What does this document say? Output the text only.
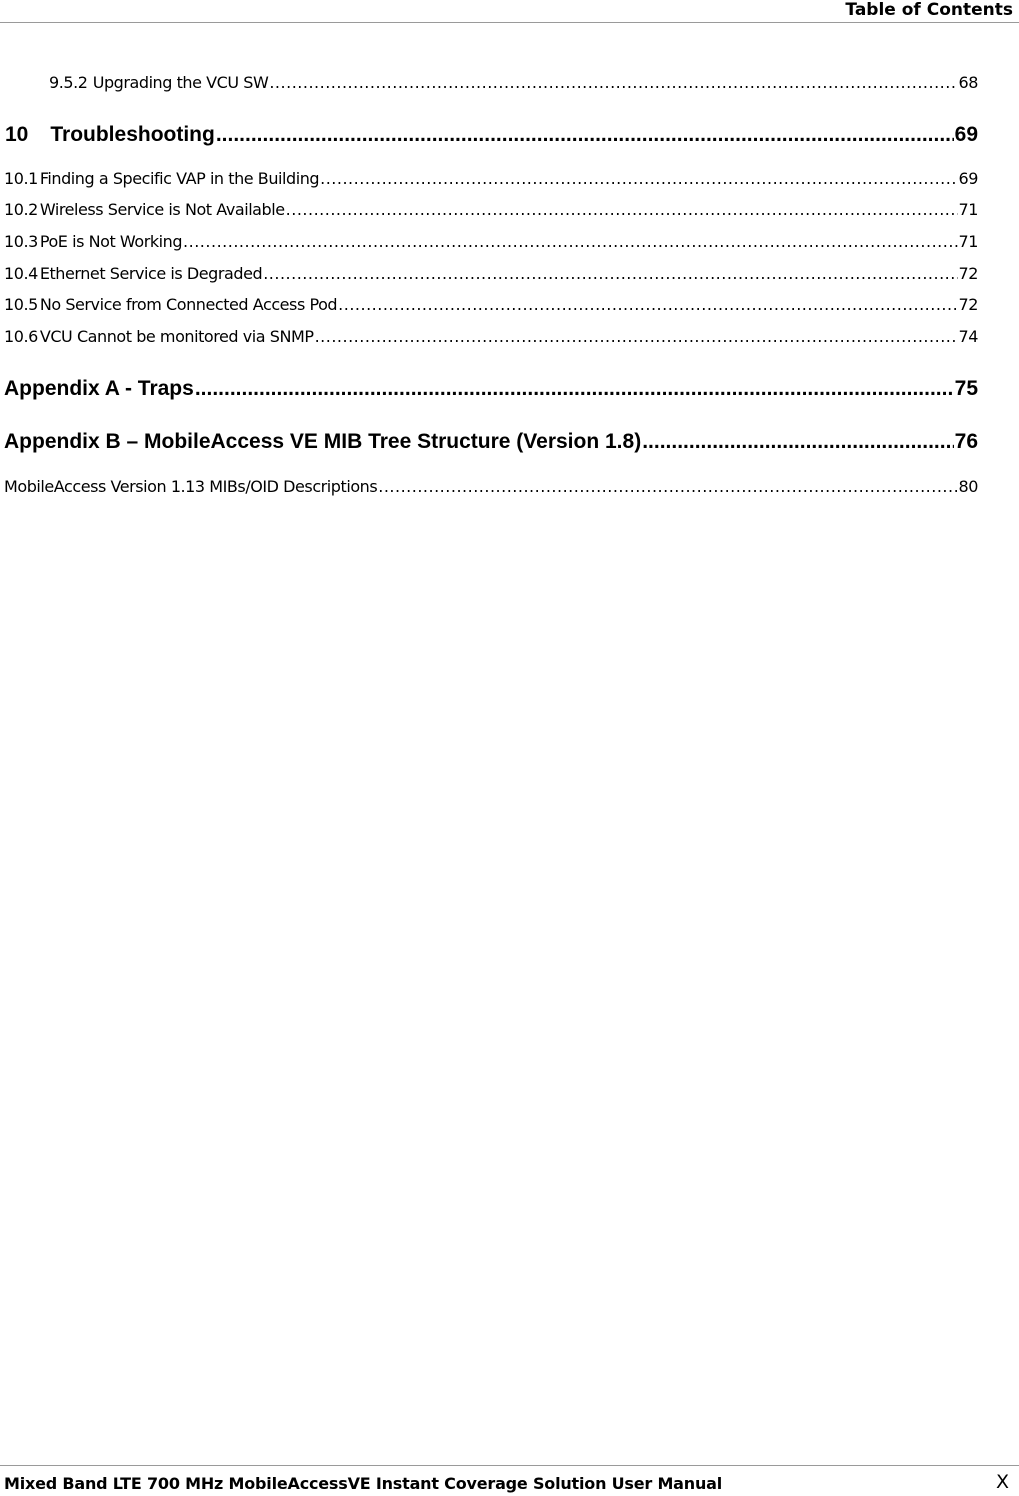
Table of Contents
9.5.2 Upgrading the VCU SW .....	68
10 Troubleshooting .....	69
10.1 Finding a Specific VAP in the Building .....	69
10.2 Wireless Service is Not Available .....	71
10.3 PoE is Not Working .....	71
10.4 Ethernet Service is Degraded .....	72
10.5 No Service from Connected Access Pod .....	72
10.6 VCU Cannot be monitored via SNMP .....	74
Appendix A - Traps .....	75
Appendix B – MobileAccess VE MIB Tree Structure (Version 1.8) .....	76
MobileAccess Version 1.13 MIBs/OID Descriptions .....	80
Mixed Band LTE 700 MHz MobileAccessVE Instant Coverage Solution User Manual	X
